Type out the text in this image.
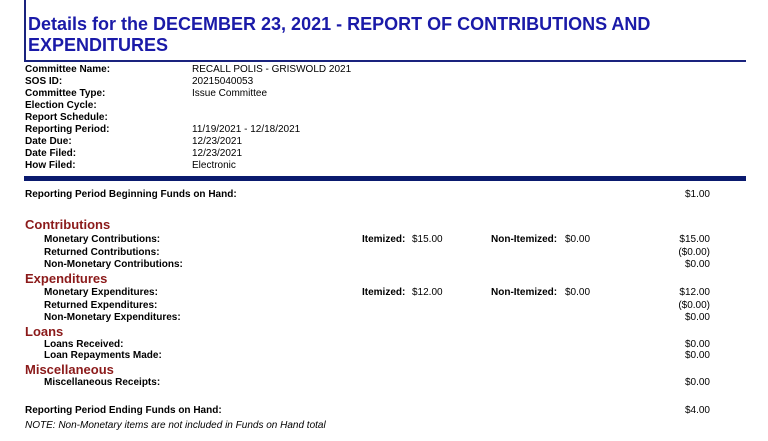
Details for the DECEMBER 23, 2021 - REPORT OF CONTRIBUTIONS AND EXPENDITURES
Committee Name:	RECALL POLIS - GRISWOLD 2021
SOS ID:	20215040053
Committee Type:	Issue Committee
Election Cycle:
Report Schedule:
Reporting Period:	11/19/2021 - 12/18/2021
Date Due:	12/23/2021
Date Filed:	12/23/2021
How Filed:	Electronic
Reporting Period Beginning Funds on Hand:	$1.00
Contributions
Monetary Contributions:	Itemized: $15.00	Non-Itemized: $0.00	$15.00
Returned Contributions:	($0.00)
Non-Monetary Contributions:	$0.00
Expenditures
Monetary Expenditures:	Itemized: $12.00	Non-Itemized: $0.00	$12.00
Returned Expenditures:	($0.00)
Non-Monetary Expenditures:	$0.00
Loans
Loans Received:	$0.00
Loan Repayments Made:	$0.00
Miscellaneous
Miscellaneous Receipts:	$0.00
Reporting Period Ending Funds on Hand:	$4.00
NOTE: Non-Monetary items are not included in Funds on Hand total
